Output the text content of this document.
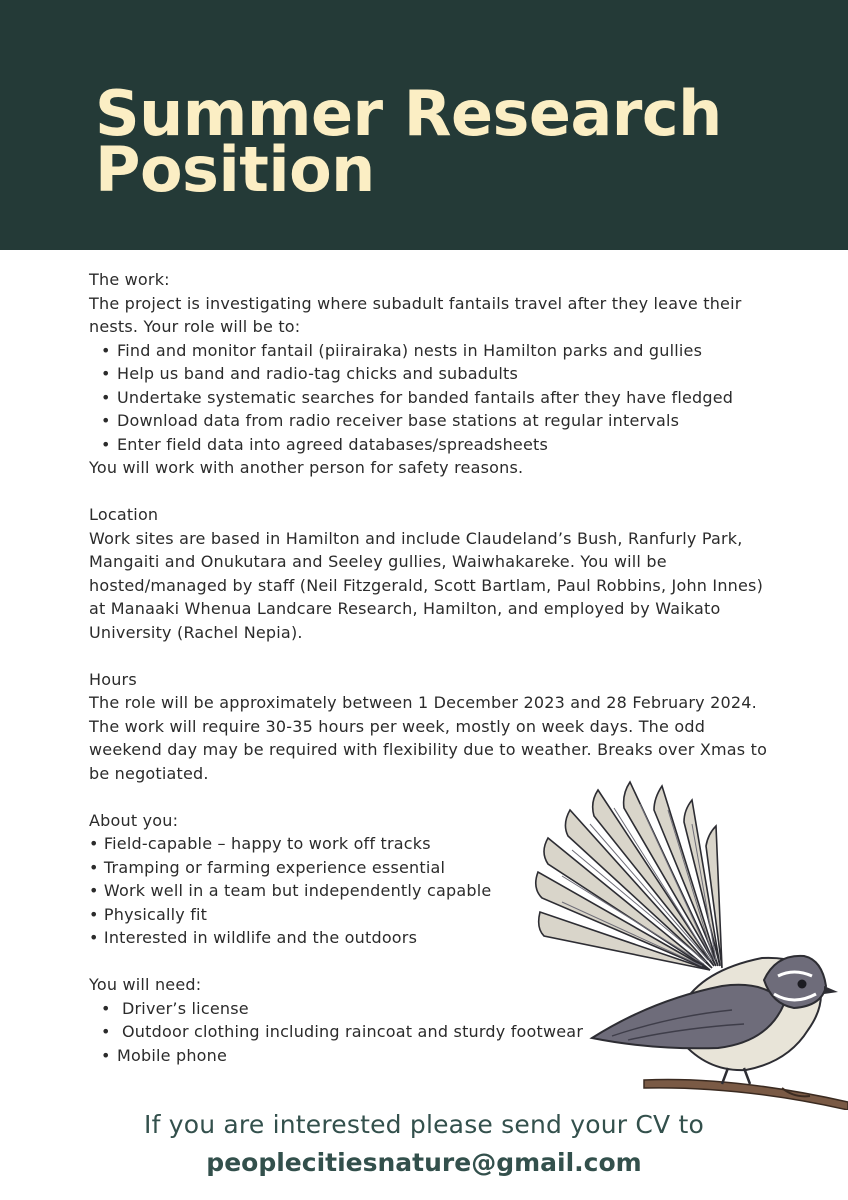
Summer Research
Position

The work:

The project is investigating where subadult fantails travel after they leave their nests. Your role will be to:

• Find and monitor fantail (piirairaka) nests in Hamilton parks and gullies
• Help us band and radio-tag chicks and subadults
• Undertake systematic searches for banded fantails after they have fledged
• Download data from radio receiver base stations at regular intervals
• Enter field data into agreed databases/spreadsheets

You will work with another person for safety reasons.

Location

Work sites are based in Hamilton and include Claudeland’s Bush, Ranfurly Park, Mangaiti and Onukutara and Seeley gullies, Waiwhakareke. You will be hosted/managed by staff (Neil Fitzgerald, Scott Bartlam, Paul Robbins, John Innes) at Manaaki Whenua Landcare Research, Hamilton, and employed by Waikato University (Rachel Nepia).

Hours

The role will be approximately between 1 December 2023 and 28 February 2024. The work will require 30-35 hours per week, mostly on week days. The odd weekend day may be required with flexibility due to weather. Breaks over Xmas to be negotiated.

About you:

• Field-capable – happy to work off tracks
• Tramping or farming experience essential
• Work well in a team but independently capable
• Physically fit
• Interested in wildlife and the outdoors

You will need:

• Driver’s license
• Outdoor clothing including raincoat and sturdy footwear
• Mobile phone
If you are interested please send your CV to
peoplecitiesnature@gmail.com
